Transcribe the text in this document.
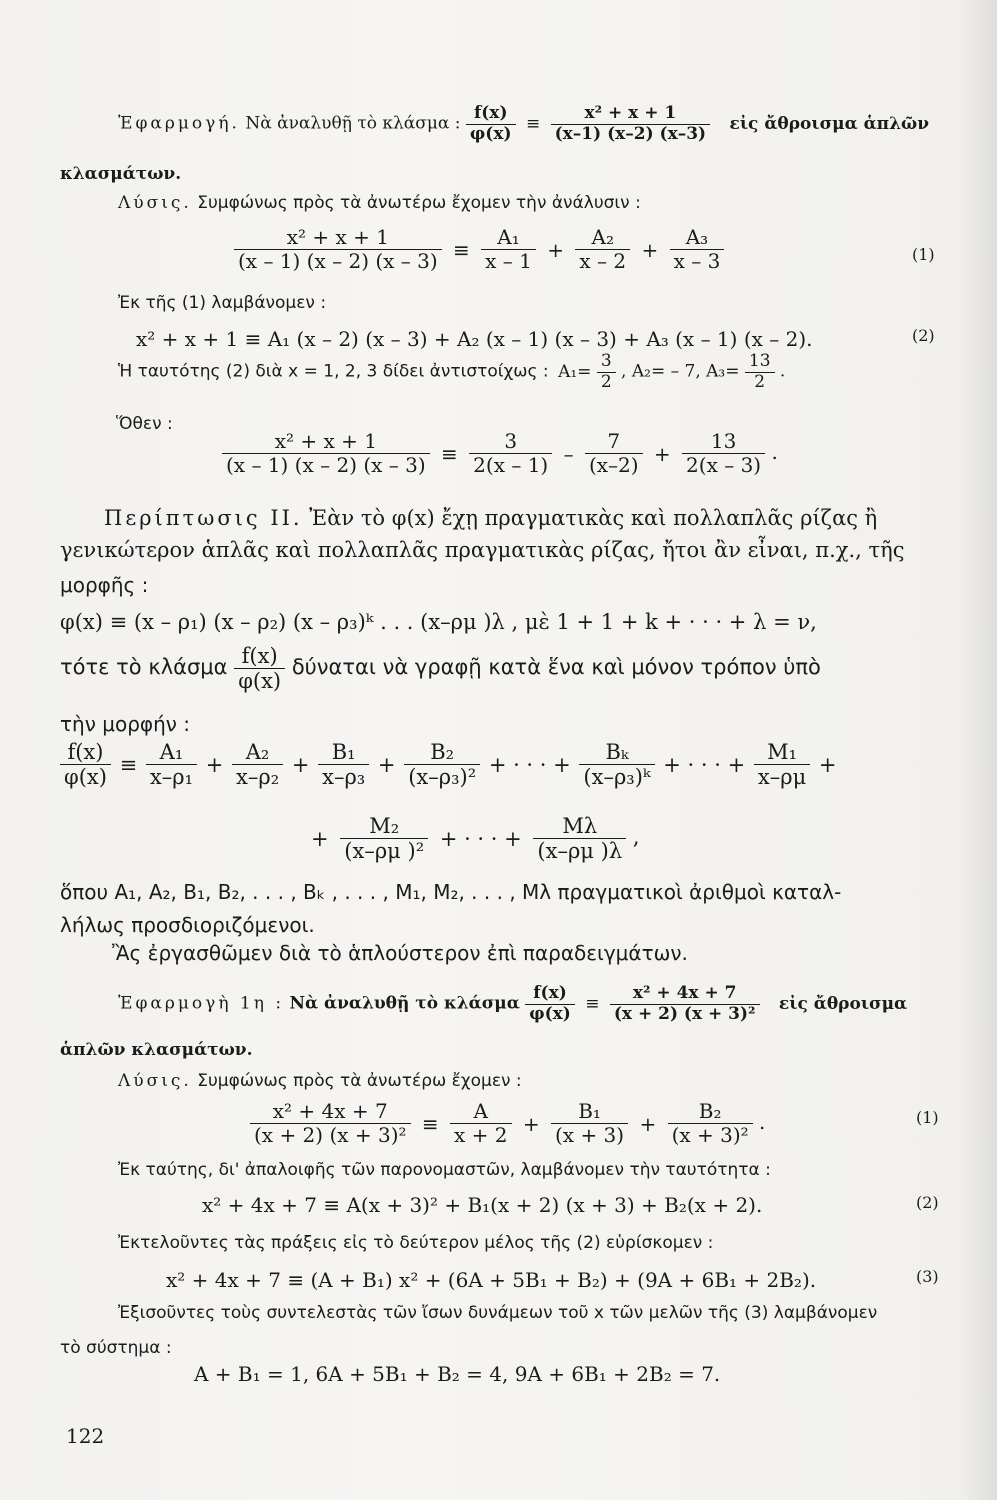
Ἐφαρμογή. Νὰ ἀναλυθῇ τὸ κλάσμα : $\frac{f(x)}{\varphi(x)} \equiv \frac{\text{x² + x + 1}}{(x-1) (x-2) (x-3)}$ εἰς ἄθροισμα ἁπλῶν
κλασμάτων.
Λύσις. Συμφώνως πρὸς τὰ ἀνωτέρω ἔχομεν τὴν ἀνάλυσιν :
$\frac{\text{x² + x + 1}}{(x - 1) (x - 2) (x - 3)} \equiv \frac{\text{A₁}}{x - 1} + \frac{\text{A₂}}{x - 2} + \frac{\text{A₃}}{x - 3}$	(1)
Ἐκ τῆς (1) λαμβάνομεν :
x² + x + 1 ≡ A₁ (x – 2) (x – 3) + A₂ (x – 1) (x – 3) + A₃ (x – 1) (x – 2).	(2)
Ἡ ταυτότης (2) διὰ x = 1, 2, 3 δίδει ἀντιστοίχως : $A_1= \frac{3}{2}$ , A₂= – 7, $A_3= \frac{13}{2}$ .
Ὅθεν :
$\frac{\text{x² + x + 1}}{(x - 1) (x - 2) (x - 3)} \equiv \frac{3}{2(x - 1)} - \frac{7}{(x-2)} + \frac{13}{2(x - 3)}$ .
Περίπτωσις ΙΙ. Ἐὰν τὸ φ(x) ἔχῃ πραγματικὰς καὶ πολλαπλᾶς ρίζας ἢ
γενικώτερον ἁπλᾶς καὶ πολλαπλᾶς πραγματικὰς ρίζας, ἤτοι ἂν εἶναι, π.χ., τῆς
μορφῆς :
φ(x) ≡ (x – ρ₁) (x – ρ₂) (x – ρ₃)ᵏ . . . (x–ρμ )λ , μὲ 1 + 1 + k + · · · + λ = ν,
τότε τὸ κλάσμα $\frac{f(x)}{\varphi(x)}$ δύναται νὰ γραφῇ κατὰ ἕνα καὶ μόνον τρόπον ὑπὸ
τὴν μορφήν :
$\frac{f(x)}{\varphi(x)} \equiv \frac{\text{A₁}}{\text{x–ρ₁}} + \frac{\text{A₂}}{\text{x–ρ₂}} + \frac{\text{B₁}}{\text{x–ρ₃}} + \frac{\text{B₂}}{\text{(x–ρ₃)²}}$ + · · · + $\frac{\text{Bₖ}}{\text{(x–ρ₃)ᵏ}}$ + · · · + $\frac{\text{M₁}}{x-\rho\mu}$ +
+ $\frac{\text{M₂}}{\text{(x–ρμ )²}}$ + · · · + $\frac{M\lambda}{(x-\rho\mu )\lambda}$ ,
ὅπου A₁, A₂, B₁, B₂, . . . , Bₖ , . . . , M₁, M₂, . . . , Mλ πραγματικοὶ ἀριθμοὶ καταλ-
λήλως προσδιοριζόμενοι.
Ἂς ἐργασθῶμεν διὰ τὸ ἁπλούστερον ἐπὶ παραδειγμάτων.
Ἐφαρμογὴ 1η : Νὰ ἀναλυθῇ τὸ κλάσμα $\frac{f(x)}{\varphi(x)} \equiv \frac{\text{x² + 4x + 7}}{\text{(x + 2) (x + 3)²}}$ εἰς ἄθροισμα
ἁπλῶν κλασμάτων.
Λύσις. Συμφώνως πρὸς τὰ ἀνωτέρω ἔχομεν :
$\frac{\text{x² + 4x + 7}}{\text{(x + 2) (x + 3)²}} \equiv \frac{A}{x + 2} + \frac{\text{B₁}}{(x + 3)} + \frac{\text{B₂}}{\text{(x + 3)²}}$ .	(1)
Ἐκ ταύτης, δι' ἀπαλοιφῆς τῶν παρονομαστῶν, λαμβάνομεν τὴν ταυτότητα :
x² + 4x + 7 ≡ A(x + 3)² + B₁(x + 2) (x + 3) + B₂(x + 2).	(2)
Ἐκτελοῦντες τὰς πράξεις εἰς τὸ δεύτερον μέλος τῆς (2) εὑρίσκομεν :
x² + 4x + 7 ≡ (A + B₁) x² + (6A + 5B₁ + B₂) + (9A + 6B₁ + 2B₂).	(3)
Ἐξισοῦντες τοὺς συντελεστὰς τῶν ἴσων δυνάμεων τοῦ x τῶν μελῶν τῆς (3) λαμβάνομεν
τὸ σύστημα :
A + B₁ = 1, 6A + 5B₁ + B₂ = 4, 9A + 6B₁ + 2B₂ = 7.
122
